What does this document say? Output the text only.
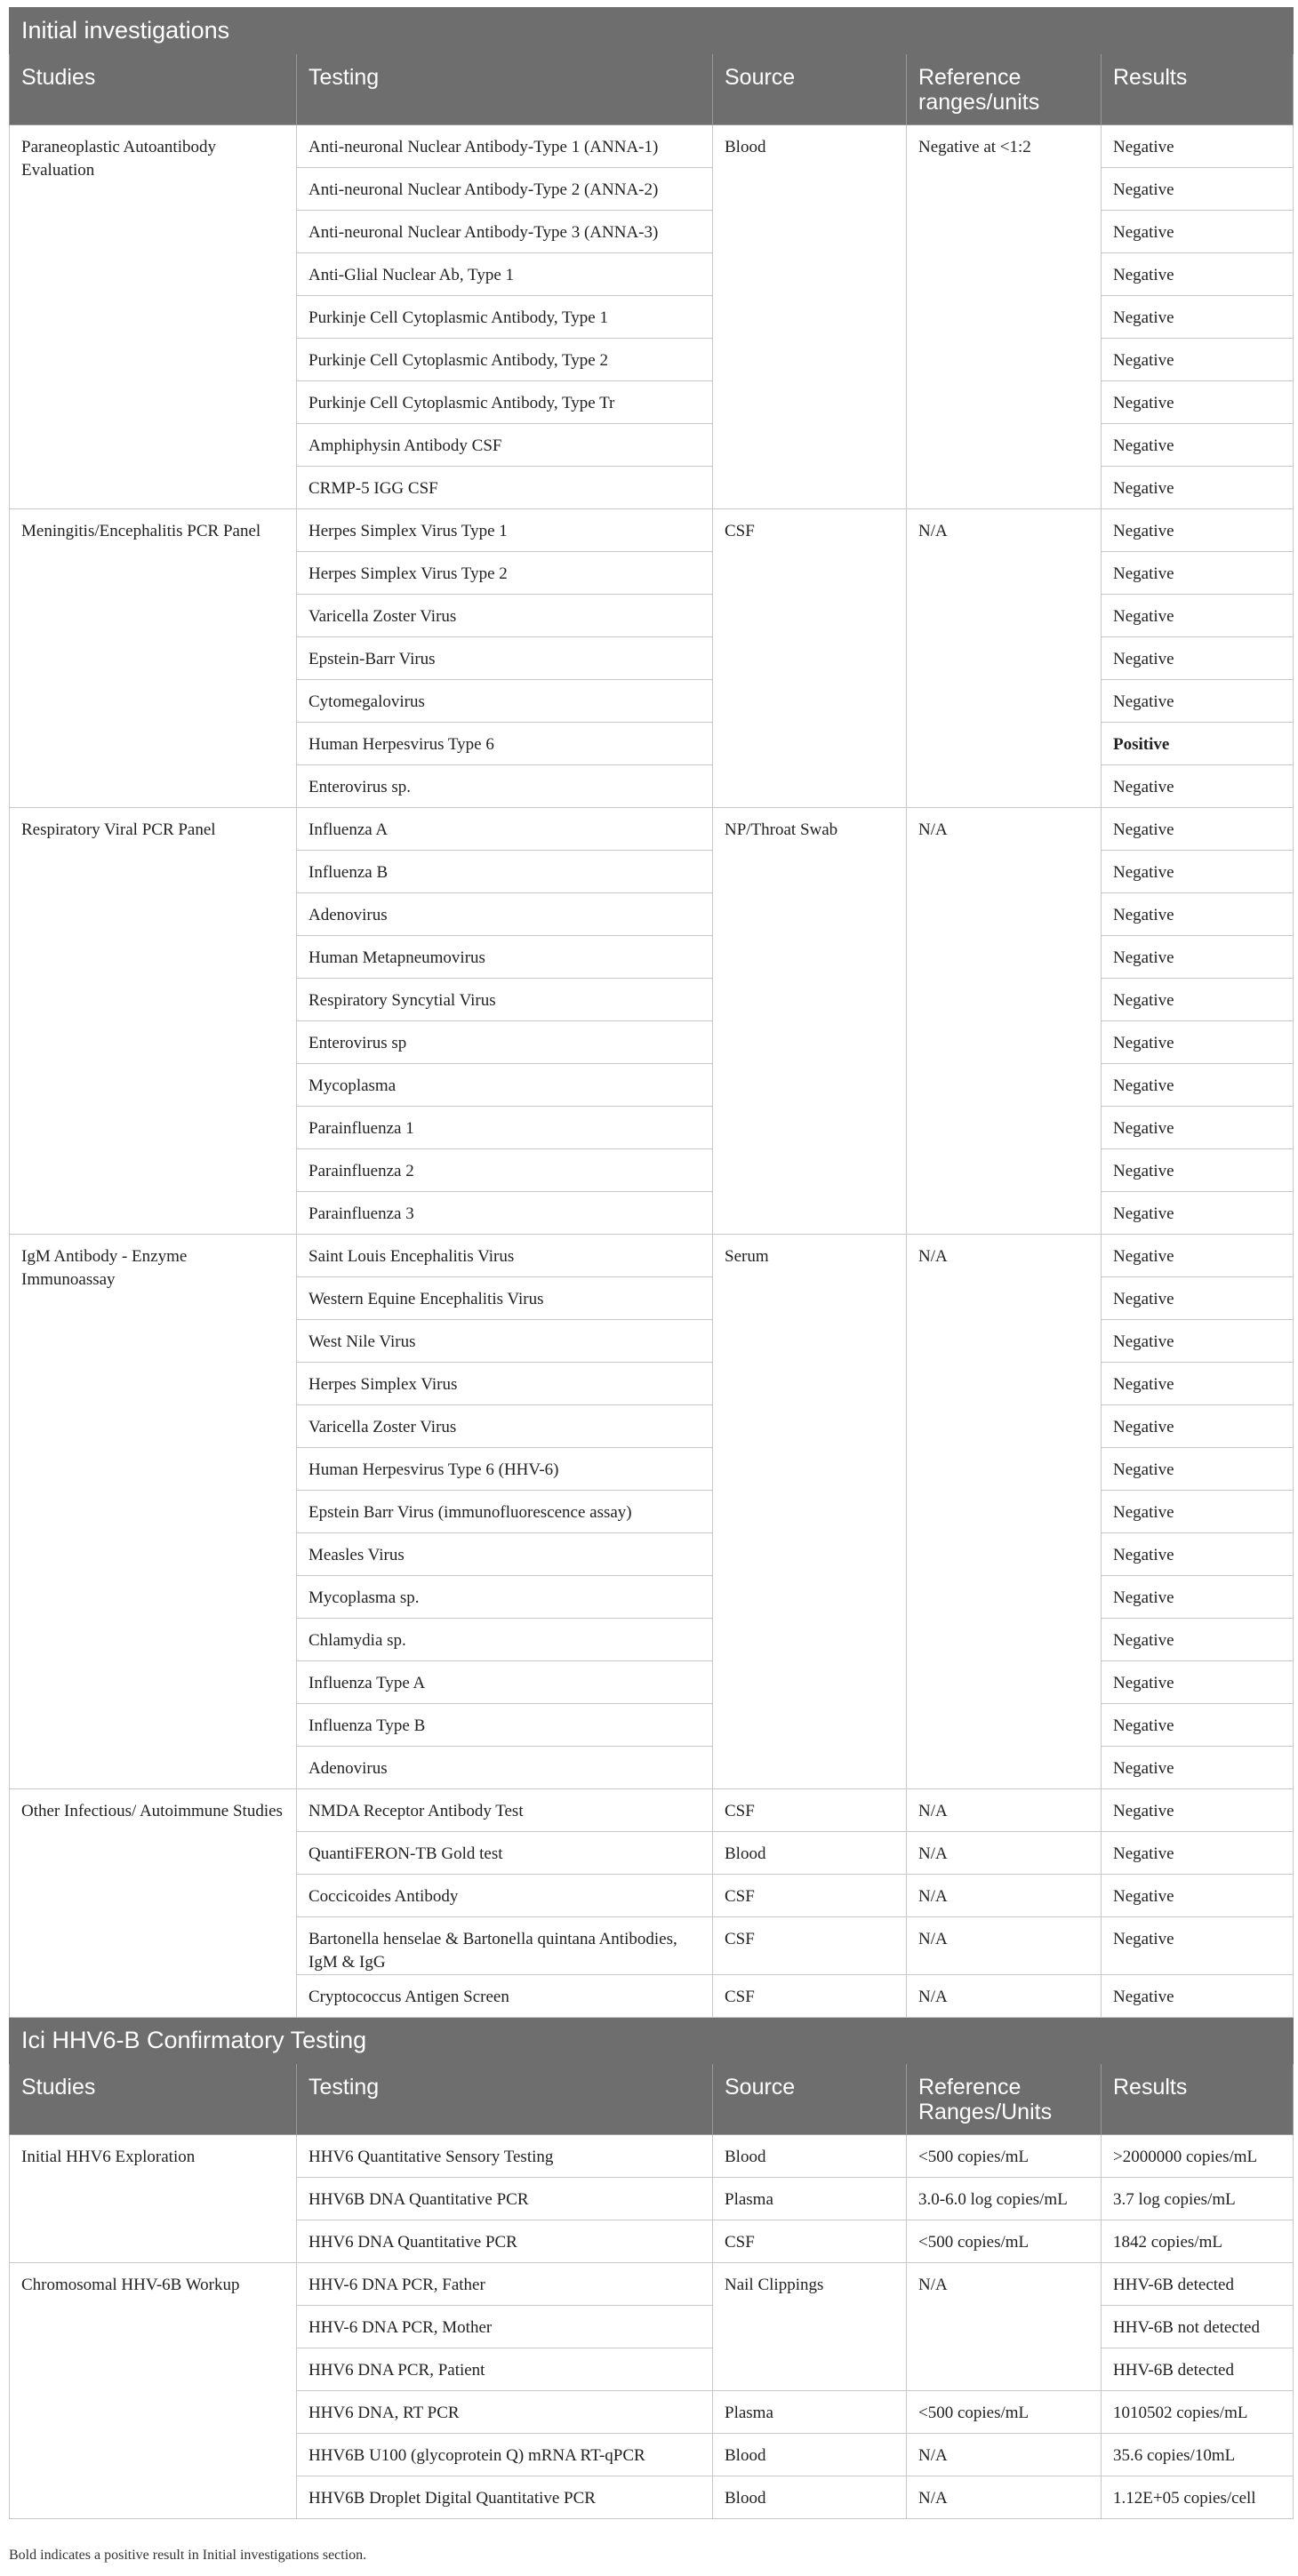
Initial investigations				
Studies	Testing	Source	Reference ranges/units	Results
Paraneoplastic Autoantibody Evaluation	Anti-neuronal Nuclear Antibody-Type 1 (ANNA-1)	Blood	Negative at <1:2	Negative
	Anti-neuronal Nuclear Antibody-Type 2 (ANNA-2)			Negative
	Anti-neuronal Nuclear Antibody-Type 3 (ANNA-3)			Negative
	Anti-Glial Nuclear Ab, Type 1			Negative
	Purkinje Cell Cytoplasmic Antibody, Type 1			Negative
	Purkinje Cell Cytoplasmic Antibody, Type 2			Negative
	Purkinje Cell Cytoplasmic Antibody, Type Tr			Negative
	Amphiphysin Antibody CSF			Negative
	CRMP-5 IGG CSF			Negative
Meningitis/Encephalitis PCR Panel	Herpes Simplex Virus Type 1	CSF	N/A	Negative
	Herpes Simplex Virus Type 2			Negative
	Varicella Zoster Virus			Negative
	Epstein-Barr Virus			Negative
	Cytomegalovirus			Negative
	Human Herpesvirus Type 6			Positive
	Enterovirus sp.			Negative
Respiratory Viral PCR Panel	Influenza A	NP/Throat Swab	N/A	Negative
	Influenza B			Negative
	Adenovirus			Negative
	Human Metapneumovirus			Negative
	Respiratory Syncytial Virus			Negative
	Enterovirus sp			Negative
	Mycoplasma			Negative
	Parainfluenza 1			Negative
	Parainfluenza 2			Negative
	Parainfluenza 3			Negative
IgM Antibody - Enzyme Immunoassay	Saint Louis Encephalitis Virus	Serum	N/A	Negative
	Western Equine Encephalitis Virus			Negative
	West Nile Virus			Negative
	Herpes Simplex Virus			Negative
	Varicella Zoster Virus			Negative
	Human Herpesvirus Type 6 (HHV-6)			Negative
	Epstein Barr Virus (immunofluorescence assay)			Negative
	Measles Virus			Negative
	Mycoplasma sp.			Negative
	Chlamydia sp.			Negative
	Influenza Type A			Negative
	Influenza Type B			Negative
	Adenovirus			Negative
Other Infectious/ Autoimmune Studies	NMDA Receptor Antibody Test	CSF	N/A	Negative
	QuantiFERON-TB Gold test	Blood	N/A	Negative
	Coccicoides Antibody	CSF	N/A	Negative
	Bartonella henselae & Bartonella quintana Antibodies, IgM & IgG	CSF	N/A	Negative
	Cryptococcus Antigen Screen	CSF	N/A	Negative
Ici HHV6-B Confirmatory Testing				
Studies	Testing	Source	Reference Ranges/Units	Results
Initial HHV6 Exploration	HHV6 Quantitative Sensory Testing	Blood	<500 copies/mL	>2000000 copies/mL
	HHV6B DNA Quantitative PCR	Plasma	3.0-6.0 log copies/mL	3.7 log copies/mL
	HHV6 DNA Quantitative PCR	CSF	<500 copies/mL	1842 copies/mL
Chromosomal HHV-6B Workup	HHV-6 DNA PCR, Father	Nail Clippings	N/A	HHV-6B detected
	HHV-6 DNA PCR, Mother			HHV-6B not detected
	HHV6 DNA PCR, Patient			HHV-6B detected
	HHV6 DNA, RT PCR	Plasma	<500 copies/mL	1010502 copies/mL
	HHV6B U100 (glycoprotein Q) mRNA RT-qPCR	Blood	N/A	35.6 copies/10mL
	HHV6B Droplet Digital Quantitative PCR	Blood	N/A	1.12E+05 copies/cell
Bold indicates a positive result in Initial investigations section.
